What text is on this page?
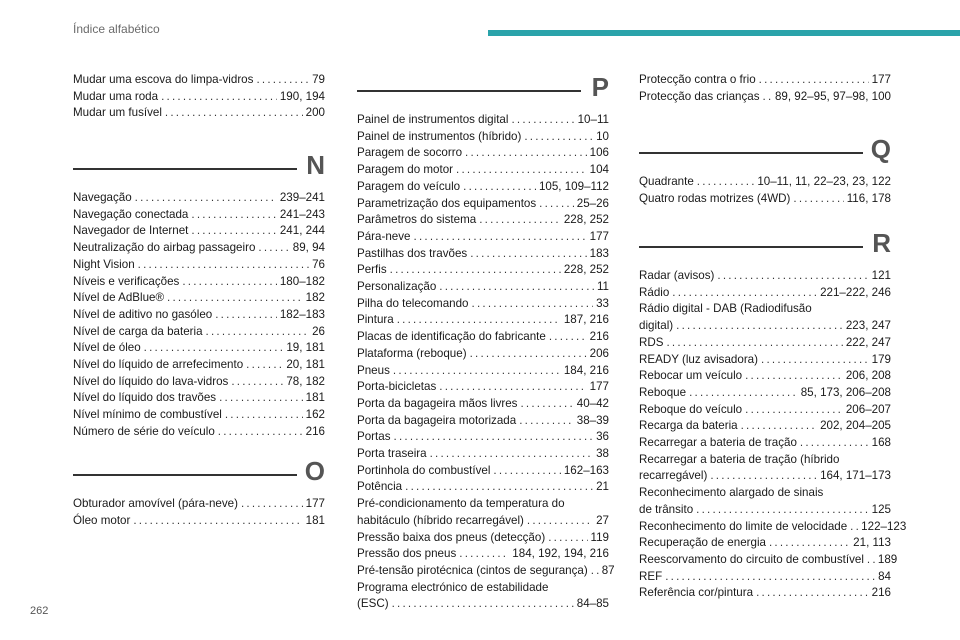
Índice alfabético
Mudar uma escova do limpa-vidros . . .	79
Mudar uma roda . . .	190, 194
Mudar um fusível . . .	200
N
Navegação . . .	239–241
Navegação conectada . . .	241–243
Navegador de Internet . . .	241, 244
Neutralização do airbag passageiro . . .	89, 94
Night Vision . . .	76
Níveis e verificações . . .	180–182
Nível de AdBlue® . . .	182
Nível de aditivo no gasóleo . . .	182–183
Nível de carga da bateria . . .	26
Nível de óleo . . .	19, 181
Nível do líquido de arrefecimento . . .	20, 181
Nível do líquido do lava-vidros . . .	78, 182
Nível do líquido dos travões . . .	181
Nível mínimo de combustível . . .	162
Número de série do veículo . . .	216
O
Obturador amovível (pára-neve) . . .	177
Óleo motor . . .	181
P
Painel de instrumentos digital . . .	10–11
Painel de instrumentos (híbrido) . . .	10
Paragem de socorro . . .	106
Paragem do motor . . .	104
Paragem do veículo . . .	105, 109–112
Parametrização dos equipamentos . . .	25–26
Parâmetros do sistema . . .	228, 252
Pára-neve . . .	177
Pastilhas dos travões . . .	183
Perfis . . .	228, 252
Personalização . . .	11
Pilha do telecomando . . .	33
Pintura . . .	187, 216
Placas de identificação do fabricante . . .	216
Plataforma (reboque) . . .	206
Pneus . . .	184, 216
Porta-bicicletas . . .	177
Porta da bagageira mãos livres . . .	40–42
Porta da bagageira motorizada . . .	38–39
Portas . . .	36
Porta traseira . . .	38
Portinhola do combustível . . .	162–163
Potência . . .	21
Pré-condicionamento da temperatura do
habitáculo (híbrido recarregável) . . .	27
Pressão baixa dos pneus (detecção) . . .	119
Pressão dos pneus . . .	184, 192, 194, 216
Pré-tensão pirotécnica (cintos de segurança) . . . 87
Programa electrónico de estabilidade
(ESC) . . .	84–85
Protecção contra o frio . . .	177
Protecção das crianças . . . 89, 92–95, 97–98, 100
Q
Quadrante . . .	10–11, 11, 22–23, 23, 122
Quatro rodas motrizes (4WD) . . .	116, 178
R
Radar (avisos) . . .	121
Rádio . . .	221–222, 246
Rádio digital - DAB (Radiodifusão
digital) . . .	223, 247
RDS . . .	222, 247
READY (luz avisadora) . . .	179
Rebocar um veículo . . .	206, 208
Reboque . . .	85, 173, 206–208
Reboque do veículo . . .	206–207
Recarga da bateria . . .	202, 204–205
Recarregar a bateria de tração . . .	168
Recarregar a bateria de tração (híbrido
recarregável) . . .	164, 171–173
Reconhecimento alargado de sinais
de trânsito . . .	125
Reconhecimento do limite de velocidade . . . 122–123
Recuperação de energia . . .	21, 113
Reescorvamento do circuito de combustível . . . 189
REF . . .	84
Referência cor/pintura . . .	216
262
